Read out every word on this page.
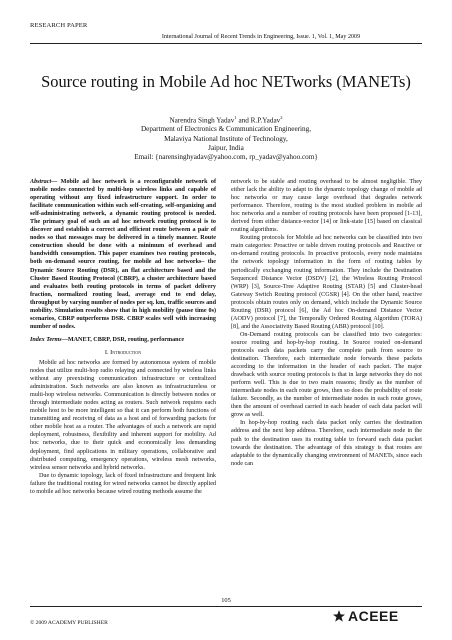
RESEARCH PAPER
International Journal of Recent Trends in Engineering, Issue. 1, Vol. 1, May 2009
Source routing in Mobile Ad hoc NETworks (MANETs)
Narendra Singh Yadav$^1$ and R.P.Yadav$^2$
Department of Electronics & Communication Engineering,
Malaviya National Institute of Technology,
Jaipur, India
Email: {narensinghyadav@yahoo.com, rp_yadav@yahoo.com}

Abstract— Mobile ad hoc network is a reconfigurable network of mobile nodes connected by multi-hop wireless links and capable of operating without any fixed infrastructure support. In order to facilitate communication within such self-creating, self-organizing and self-administrating network, a dynamic routing protocol is needed. The primary goal of such an ad hoc network routing protocol is to discover and establish a correct and efficient route between a pair of nodes so that messages may be delivered in a timely manner. Route construction should be done with a minimum of overhead and bandwidth consumption. This paper examines two routing protocols, both on-demand source routing, for mobile ad hoc networks– the Dynamic Source Routing (DSR), an flat architecture based and the Cluster Based Routing Protocol (CBRP), a cluster architecture based and evaluates both routing protocols in terms of packet delivery fraction, normalized routing load, average end to end delay, throughput by varying number of nodes per sq. km, traffic sources and mobility. Simulation results show that in high mobility (pause time 0s) scenarios, CBRP outperforms DSR. CBRP scales well with increasing number of nodes.

Index Terms—MANET, CBRP, DSR, routing, performance

I. Introduction

Mobile ad hoc networks are formed by autonomous system of mobile nodes that utilize multi-hop radio relaying and connected by wireless links without any preexisting communication infrastructure or centralized administration. Such networks are also known as infrastructureless or multi-hop wireless networks. Communication is directly between nodes or through intermediate nodes acting as routers. Such network requires each mobile host to be more intelligent so that it can perform both functions of transmitting and receiving of data as a host and of forwarding packets for other mobile host as a router. The advantages of such a network are rapid deployment, robustness, flexibility and inherent support for mobility. Ad hoc networks, due to their quick and economically less demanding deployment, find applications in military operations, collaborative and distributed computing, emergency operations, wireless mesh networks, wireless sensor networks and hybrid networks.

Due to dynamic topology, lack of fixed infrastructure and frequent link failure the traditional routing for wired networks cannot be directly applied to mobile ad hoc networks because wired routing methods assume the

network to be stable and routing overhead to be almost negligible. They either lack the ability to adapt to the dynamic topology change of mobile ad hoc networks or may cause large overhead that degrades network performance. Therefore, routing is the most studied problem in mobile ad hoc networks and a number of routing protocols have been proposed [1-13], derived from either distance-vector [14] or link-state [15] based on classical routing algorithms.

Routing protocols for Mobile ad hoc networks can be classified into two main categories: Proactive or table driven routing protocols and Reactive or on-demand routing protocols. In proactive protocols, every node maintains the network topology information in the form of routing tables by periodically exchanging routing information. They include the Destination Sequenced Distance Vector (DSDV) [2], the Wireless Routing Protocol (WRP) [3], Source-Tree Adaptive Routing (STAR) [5] and Cluster-head Gateway Switch Routing protocol (CGSR) [4]. On the other hand, reactive protocols obtain routes only on demand, which include the Dynamic Source Routing (DSR) protocol [6], the Ad hoc On-demand Distance Vector (AODV) protocol [7], the Temporally Ordered Routing Algorithm (TORA) [8], and the Associativity Based Routing (ABR) protocol [10].

On-Demand routing protocols can be classified into two categories: source routing and hop-by-hop routing. In Source routed on-demand protocols each data packets carry the complete path from source to destination. Therefore, each intermediate node forwards these packets according to the information in the header of each packet. The major drawback with source routing protocols is that in large networks they do not perform well. This is due to two main reasons; firstly as the number of intermediate nodes in each route grows, then so does the probability of route failure. Secondly, as the number of intermediate nodes in each route grows, then the amount of overhead carried in each header of each data packet will grow as well.

In hop-by-hop routing each data packet only carries the destination address and the next hop address. Therefore, each intermediate node in the path to the destination uses its routing table to forward each data packet towards the destination. The advantage of this strategy is that routes are adaptable to the dynamically changing environment of MANETs, since each node can

105
© 2009 ACADEMY PUBLISHER	ACEEE
